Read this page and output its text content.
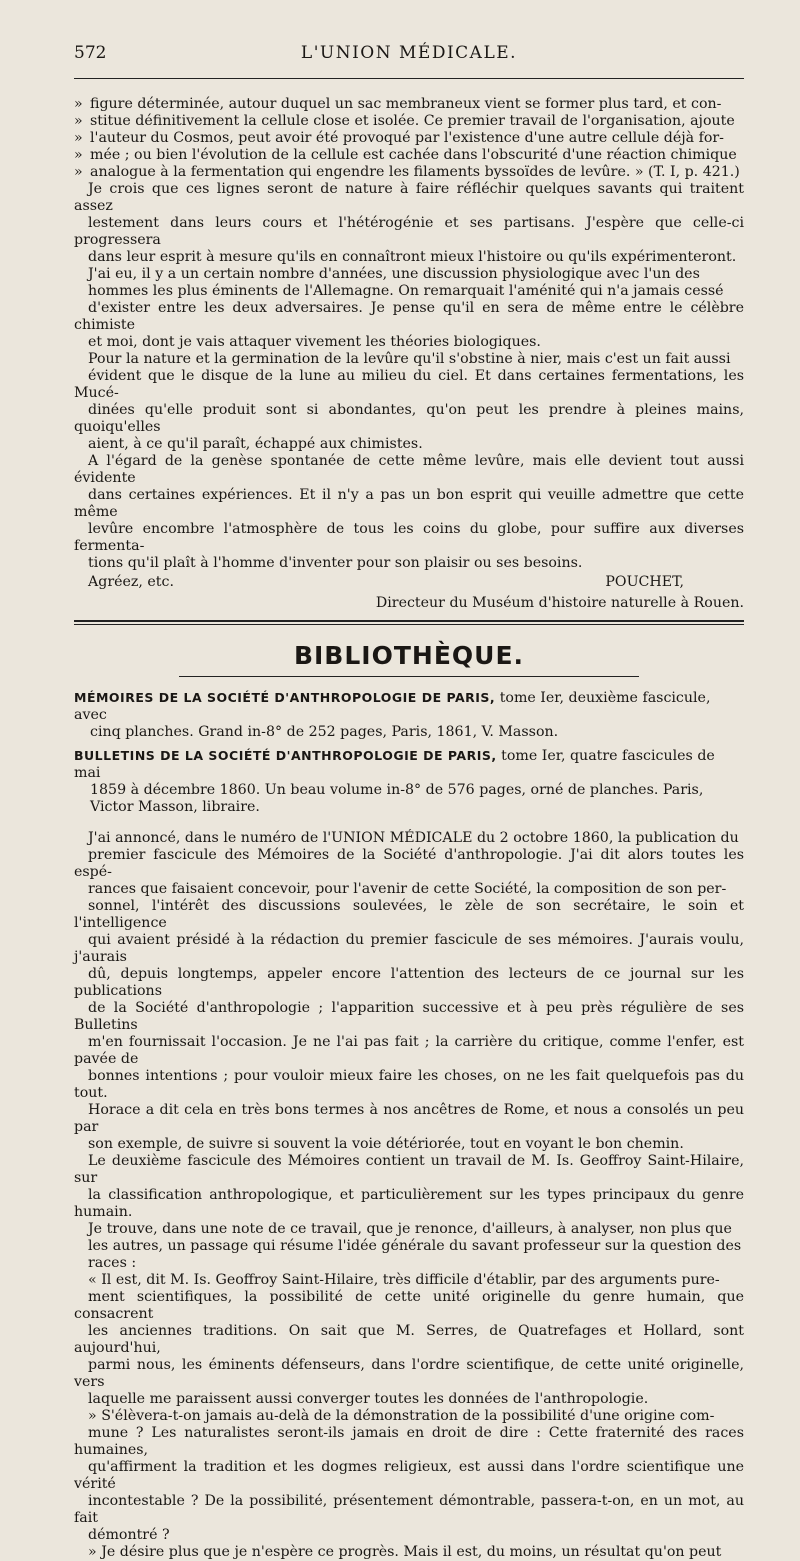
572	L'UNION MÉDICALE.

» figure déterminée, autour duquel un sac membraneux vient se former plus tard, et con-

» stitue définitivement la cellule close et isolée. Ce premier travail de l'organisation, ajoute

» l'auteur du Cosmos, peut avoir été provoqué par l'existence d'une autre cellule déjà for-

» mée ; ou bien l'évolution de la cellule est cachée dans l'obscurité d'une réaction chimique

» analogue à la fermentation qui engendre les filaments byssoïdes de levûre. » (T. I, p. 421.)

Je crois que ces lignes seront de nature à faire réfléchir quelques savants qui traitent assez
lestement dans leurs cours et l'hétérogénie et ses partisans. J'espère que celle-ci progressera
dans leur esprit à mesure qu'ils en connaîtront mieux l'histoire ou qu'ils expérimenteront.

J'ai eu, il y a un certain nombre d'années, une discussion physiologique avec l'un des
hommes les plus éminents de l'Allemagne. On remarquait l'aménité qui n'a jamais cessé
d'exister entre les deux adversaires. Je pense qu'il en sera de même entre le célèbre chimiste
et moi, dont je vais attaquer vivement les théories biologiques.

Pour la nature et la germination de la levûre qu'il s'obstine à nier, mais c'est un fait aussi
évident que le disque de la lune au milieu du ciel. Et dans certaines fermentations, les Mucé-
dinées qu'elle produit sont si abondantes, qu'on peut les prendre à pleines mains, quoiqu'elles
aient, à ce qu'il paraît, échappé aux chimistes.

A l'égard de la genèse spontanée de cette même levûre, mais elle devient tout aussi évidente
dans certaines expériences. Et il n'y a pas un bon esprit qui veuille admettre que cette même
levûre encombre l'atmosphère de tous les coins du globe, pour suffire aux diverses fermenta-
tions qu'il plaît à l'homme d'inventer pour son plaisir ou ses besoins.

Agréez, etc.	POUCHET,
Directeur du Muséum d'histoire naturelle à Rouen.
BIBLIOTHÈQUE.

MÉMOIRES DE LA SOCIÉTÉ D'ANTHROPOLOGIE DE PARIS, tome Ier, deuxième fascicule, avec
cinq planches. Grand in-8° de 252 pages, Paris, 1861, V. Masson.

BULLETINS DE LA SOCIÉTÉ D'ANTHROPOLOGIE DE PARIS, tome Ier, quatre fascicules de mai
1859 à décembre 1860. Un beau volume in-8° de 576 pages, orné de planches. Paris, Victor Masson, libraire.

J'ai annoncé, dans le numéro de l'UNION MÉDICALE du 2 octobre 1860, la publication du
premier fascicule des Mémoires de la Société d'anthropologie. J'ai dit alors toutes les espé-
rances que faisaient concevoir, pour l'avenir de cette Société, la composition de son per-
sonnel, l'intérêt des discussions soulevées, le zèle de son secrétaire, le soin et l'intelligence
qui avaient présidé à la rédaction du premier fascicule de ses mémoires. J'aurais voulu, j'aurais
dû, depuis longtemps, appeler encore l'attention des lecteurs de ce journal sur les publications
de la Société d'anthropologie ; l'apparition successive et à peu près régulière de ses Bulletins
m'en fournissait l'occasion. Je ne l'ai pas fait ; la carrière du critique, comme l'enfer, est pavée de
bonnes intentions ; pour vouloir mieux faire les choses, on ne les fait quelquefois pas du tout.
Horace a dit cela en très bons termes à nos ancêtres de Rome, et nous a consolés un peu par
son exemple, de suivre si souvent la voie détériorée, tout en voyant le bon chemin.

Le deuxième fascicule des Mémoires contient un travail de M. Is. Geoffroy Saint-Hilaire, sur
la classification anthropologique, et particulièrement sur les types principaux du genre humain.
Je trouve, dans une note de ce travail, que je renonce, d'ailleurs, à analyser, non plus que
les autres, un passage qui résume l'idée générale du savant professeur sur la question des
races :

« Il est, dit M. Is. Geoffroy Saint-Hilaire, très difficile d'établir, par des arguments pure-
ment scientifiques, la possibilité de cette unité originelle du genre humain, que consacrent
les anciennes traditions. On sait que M. Serres, de Quatrefages et Hollard, sont aujourd'hui,
parmi nous, les éminents défenseurs, dans l'ordre scientifique, de cette unité originelle, vers
laquelle me paraissent aussi converger toutes les données de l'anthropologie.

» S'élèvera-t-on jamais au-delà de la démonstration de la possibilité d'une origine com-
mune ? Les naturalistes seront-ils jamais en droit de dire : Cette fraternité des races humaines,
qu'affirment la tradition et les dogmes religieux, est aussi dans l'ordre scientifique une vérité
incontestable ? De la possibilité, présentement démontrable, passera-t-on, en un mot, au fait
démontré ?

» Je désire plus que je n'espère ce progrès. Mais il est, du moins, un résultat qu'on peut
